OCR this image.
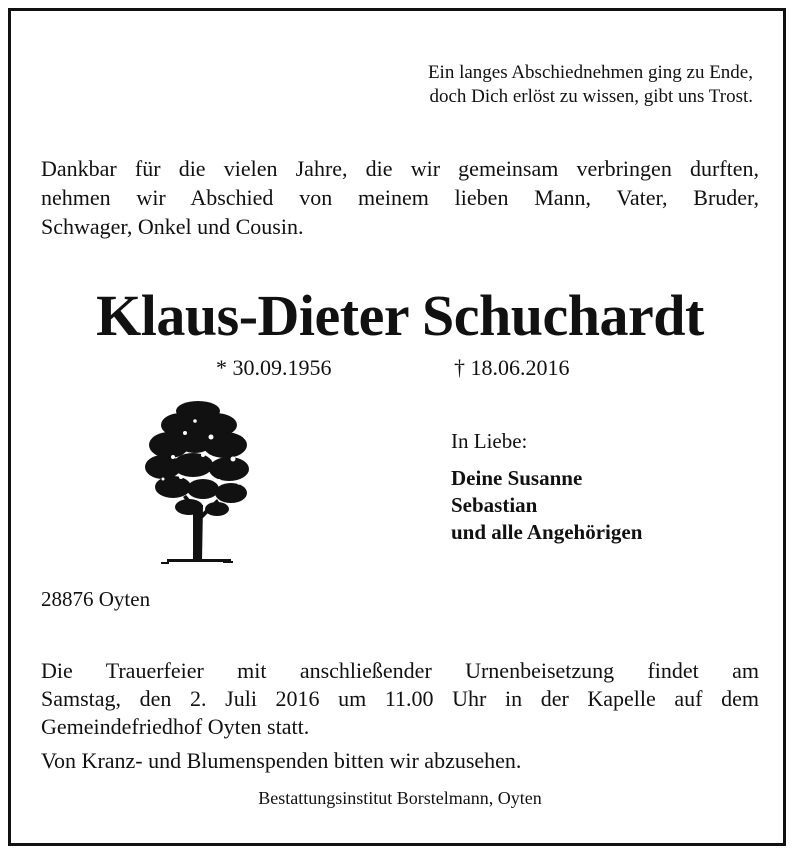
Ein langes Abschiednehmen ging zu Ende,
doch Dich erlöst zu wissen, gibt uns Trost.
Dankbar für die vielen Jahre, die wir gemeinsam verbringen durften,
nehmen wir Abschied von meinem lieben Mann, Vater, Bruder,
Schwager, Onkel und Cousin.
Klaus-Dieter Schuchardt
* 30.09.1956	† 18.06.2016
In Liebe:
Deine Susanne
Sebastian
und alle Angehörigen
28876 Oyten
Die Trauerfeier mit anschließender Urnenbeisetzung findet am
Samstag, den 2. Juli 2016 um 11.00 Uhr in der Kapelle auf dem
Gemeindefriedhof Oyten statt.
Von Kranz- und Blumenspenden bitten wir abzusehen.
Bestattungsinstitut Borstelmann, Oyten
